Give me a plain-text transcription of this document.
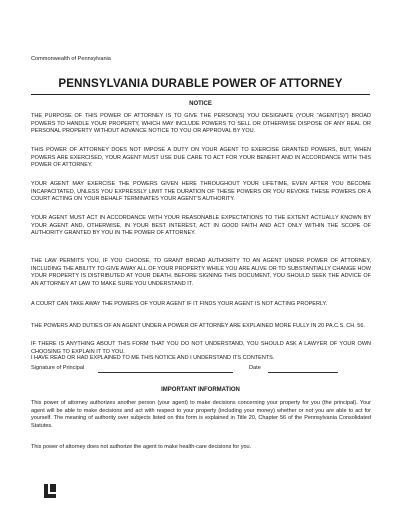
Commonwealth of Pennsylvania
PENNSYLVANIA DURABLE POWER OF ATTORNEY
NOTICE

THE PURPOSE OF THIS POWER OF ATTORNEY IS TO GIVE THE PERSON(S) YOU DESIGNATE (YOUR "AGENT(S)") BROAD POWERS TO HANDLE YOUR PROPERTY, WHICH MAY INCLUDE POWERS TO SELL OR OTHERWISE DISPOSE OF ANY REAL OR PERSONAL PROPERTY WITHOUT ADVANCE NOTICE TO YOU OR APPROVAL BY YOU.

THIS POWER OF ATTORNEY DOES NOT IMPOSE A DUTY ON YOUR AGENT TO EXERCISE GRANTED POWERS, BUT, WHEN POWERS ARE EXERCISED, YOUR AGENT MUST USE DUE CARE TO ACT FOR YOUR BENEFIT AND IN ACCORDANCE WITH THIS POWER OF ATTORNEY.

YOUR AGENT MAY EXERCISE THE POWERS GIVEN HERE THROUGHOUT YOUR LIFETIME, EVEN AFTER YOU BECOME INCAPACITATED, UNLESS YOU EXPRESSLY LIMIT THE DURATION OF THESE POWERS OR YOU REVOKE THESE POWERS OR A COURT ACTING ON YOUR BEHALF TERMINATES YOUR AGENT'S AUTHORITY.

YOUR AGENT MUST ACT IN ACCORDANCE WITH YOUR REASONABLE EXPECTATIONS TO THE EXTENT ACTUALLY KNOWN BY YOUR AGENT AND, OTHERWISE, IN YOUR BEST INTEREST, ACT IN GOOD FAITH AND ACT ONLY WITHIN THE SCOPE OF AUTHORITY GRANTED BY YOU IN THE POWER OF ATTORNEY.

THE LAW PERMITS YOU, IF YOU CHOOSE, TO GRANT BROAD AUTHORITY TO AN AGENT UNDER POWER OF ATTORNEY, INCLUDING THE ABILITY TO GIVE AWAY ALL OF YOUR PROPERTY WHILE YOU ARE ALIVE OR TO SUBSTANTIALLY CHANGE HOW YOUR PROPERTY IS DISTRIBUTED AT YOUR DEATH. BEFORE SIGNING THIS DOCUMENT, YOU SHOULD SEEK THE ADVICE OF AN ATTORNEY AT LAW TO MAKE SURE YOU UNDERSTAND IT.

A COURT CAN TAKE AWAY THE POWERS OF YOUR AGENT IF IT FINDS YOUR AGENT IS NOT ACTING PROPERLY.

THE POWERS AND DUTIES OF AN AGENT UNDER A POWER OF ATTORNEY ARE EXPLAINED MORE FULLY IN 20 PA.C.S. CH. 56.

IF THERE IS ANYTHING ABOUT THIS FORM THAT YOU DO NOT UNDERSTAND, YOU SHOULD ASK A LAWYER OF YOUR OWN CHOOSING TO EXPLAIN IT TO YOU.

I HAVE READ OR HAD EXPLAINED TO ME THIS NOTICE AND I UNDERSTAND ITS CONTENTS.

Signature of Principal	Date
IMPORTANT INFORMATION

This power of attorney authorizes another person (your agent) to make decisions concerning your property for you (the principal). Your agent will be able to make decisions and act with respect to your property (including your money) whether or not you are able to act for yourself. The meaning of authority over subjects listed on this form is explained in Title 20, Chapter 56 of the Pennsylvania Consolidated Statutes.

This power of attorney does not authorize the agent to make health-care decisions for you.
